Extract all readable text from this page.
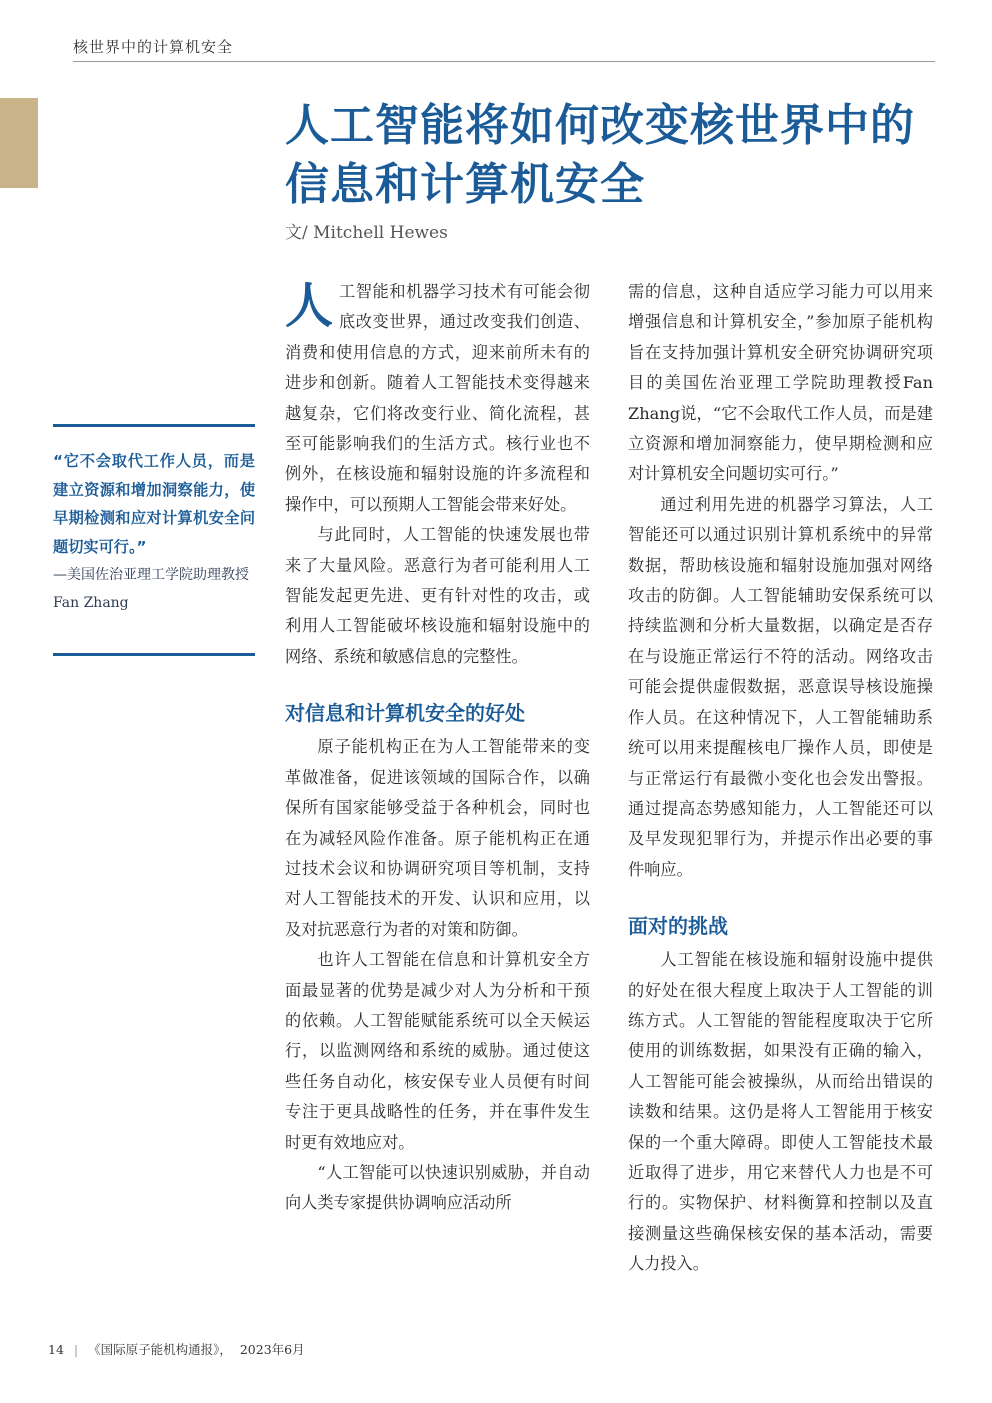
核世界中的计算机安全
人工智能将如何改变核世界中的信息和计算机安全
文/ Mitchell Hewes

“它不会取代工作人员，而是建立资源和增加洞察能力，使早期检测和应对计算机安全问题切实可行。”

—美国佐治亚理工学院助理教授Fan Zhang

人 工智能和机器学习技术有可能会彻底改变世界，通过改变我们创造、消费和使用信息的方式，迎来前所未有的进步和创新。随着人工智能技术变得越来越复杂，它们将改变行业、简化流程，甚至可能影响我们的生活方式。核行业也不例外，在核设施和辐射设施的许多流程和操作中，可以预期人工智能会带来好处。

与此同时，人工智能的快速发展也带来了大量风险。恶意行为者可能利用人工智能发起更先进、更有针对性的攻击，或利用人工智能破坏核设施和辐射设施中的网络、系统和敏感信息的完整性。

对信息和计算机安全的好处

原子能机构正在为人工智能带来的变革做准备，促进该领域的国际合作，以确保所有国家能够受益于各种机会，同时也在为减轻风险作准备。原子能机构正在通过技术会议和协调研究项目等机制，支持对人工智能技术的开发、认识和应用，以及对抗恶意行为者的对策和防御。

也许人工智能在信息和计算机安全方面最显著的优势是减少对人为分析和干预的依赖。人工智能赋能系统可以全天候运行，以监测网络和系统的威胁。通过使这些任务自动化，核安保专业人员便有时间专注于更具战略性的任务，并在事件发生时更有效地应对。

“人工智能可以快速识别威胁，并自动向人类专家提供协调响应活动所

需的信息，这种自适应学习能力可以用来增强信息和计算机安全，”参加原子能机构旨在支持加强计算机安全研究协调研究项目的美国佐治亚理工学院助理教授Fan Zhang说，“它不会取代工作人员，而是建立资源和增加洞察能力，使早期检测和应对计算机安全问题切实可行。”

通过利用先进的机器学习算法，人工智能还可以通过识别计算机系统中的异常数据，帮助核设施和辐射设施加强对网络攻击的防御。人工智能辅助安保系统可以持续监测和分析大量数据，以确定是否存在与设施正常运行不符的活动。网络攻击可能会提供虚假数据，恶意误导核设施操作人员。在这种情况下，人工智能辅助系统可以用来提醒核电厂操作人员，即使是与正常运行有最微小变化也会发出警报。通过提高态势感知能力，人工智能还可以及早发现犯罪行为，并提示作出必要的事件响应。

面对的挑战

人工智能在核设施和辐射设施中提供的好处在很大程度上取决于人工智能的训练方式。人工智能的智能程度取决于它所使用的训练数据，如果没有正确的输入，人工智能可能会被操纵，从而给出错误的读数和结果。这仍是将人工智能用于核安保的一个重大障碍。即使人工智能技术最近取得了进步，用它来替代人力也是不可行的。实物保护、材料衡算和控制以及直接测量这些确保核安保的基本活动，需要人力投入。

14 | 《国际原子能机构通报》， 2023年6月
